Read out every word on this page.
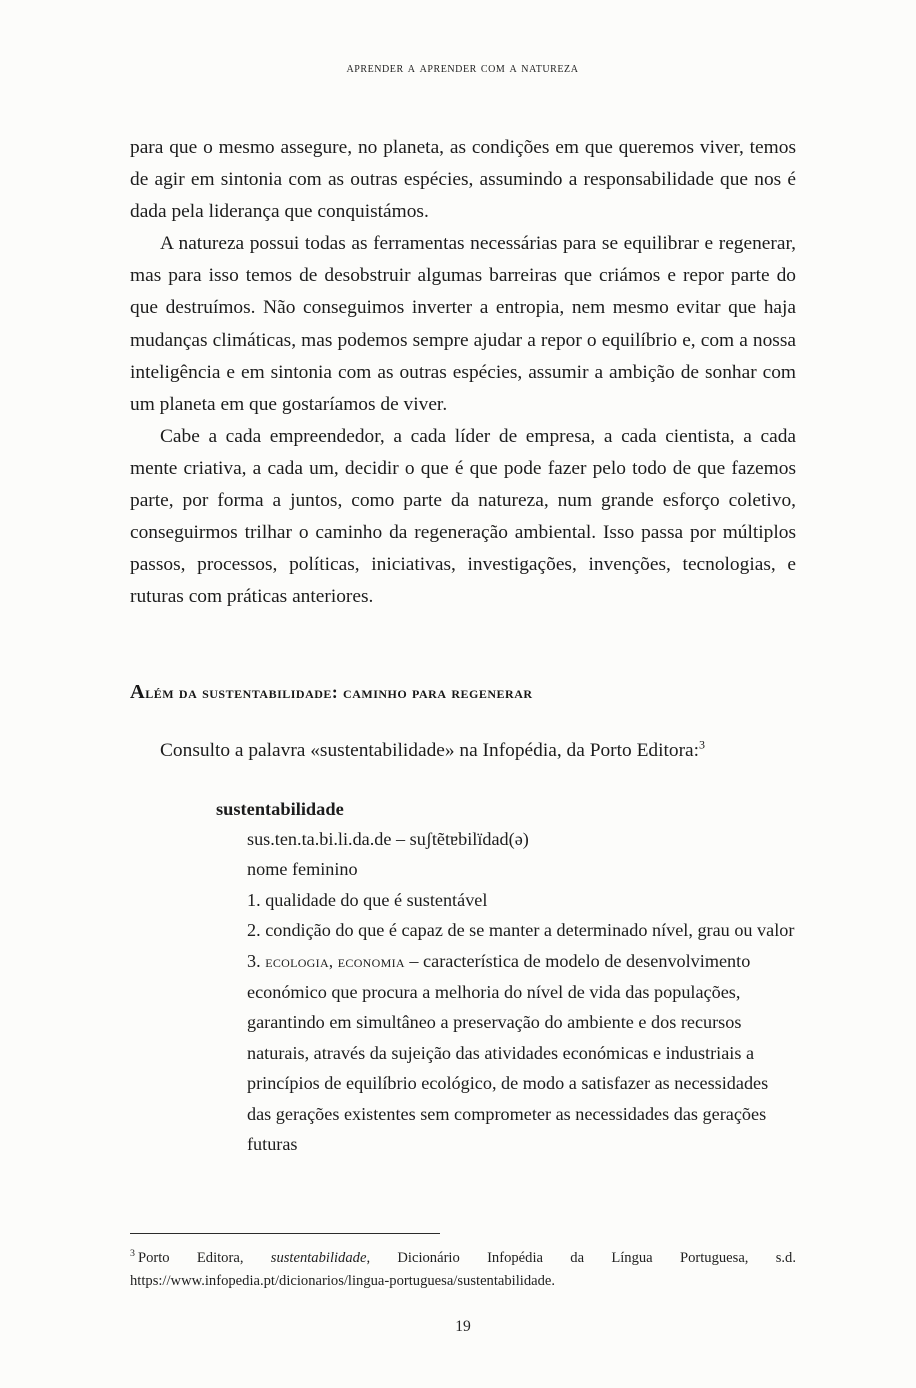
aprender a aprender com a natureza

para que o mesmo assegure, no planeta, as condições em que queremos viver, temos de agir em sintonia com as outras espécies, assumindo a responsabilidade que nos é dada pela liderança que conquistámos.

A natureza possui todas as ferramentas necessárias para se equilibrar e regenerar, mas para isso temos de desobstruir algumas barreiras que criámos e repor parte do que destruímos. Não conseguimos inverter a entropia, nem mesmo evitar que haja mudanças climáticas, mas podemos sempre ajudar a repor o equilíbrio e, com a nossa inteligência e em sintonia com as outras espécies, assumir a ambição de sonhar com um planeta em que gostaríamos de viver.

Cabe a cada empreendedor, a cada líder de empresa, a cada cientista, a cada mente criativa, a cada um, decidir o que é que pode fazer pelo todo de que fazemos parte, por forma a juntos, como parte da natureza, num grande esforço coletivo, conseguirmos trilhar o caminho da regeneração ambiental. Isso passa por múltiplos passos, processos, políticas, iniciativas, investigações, invenções, tecnologias, e ruturas com práticas anteriores.

Além da sustentabilidade: caminho para regenerar

Consulto a palavra «sustentabilidade» na Infopédia, da Porto Editora:$^3$

sustentabilidade
sus.ten.ta.bi.li.da.de – suʃtẽtɐbilïdad(ə)
nome feminino
1. qualidade do que é sustentável
2. condição do que é capaz de se manter a determinado nível, grau ou valor
3. ecologia, economia – característica de modelo de desenvolvimento económico que procura a melhoria do nível de vida das populações, garantindo em simultâneo a preservação do ambiente e dos recursos naturais, através da sujeição das atividades económicas e industriais a princípios de equilíbrio ecológico, de modo a satisfazer as necessidades das gerações existentes sem comprometer as necessidades das gerações futuras

$^3$ Porto Editora, sustentabilidade, Dicionário Infopédia da Língua Portuguesa, s.d. https://www.infopedia.pt/dicionarios/lingua-portuguesa/sustentabilidade.

19
